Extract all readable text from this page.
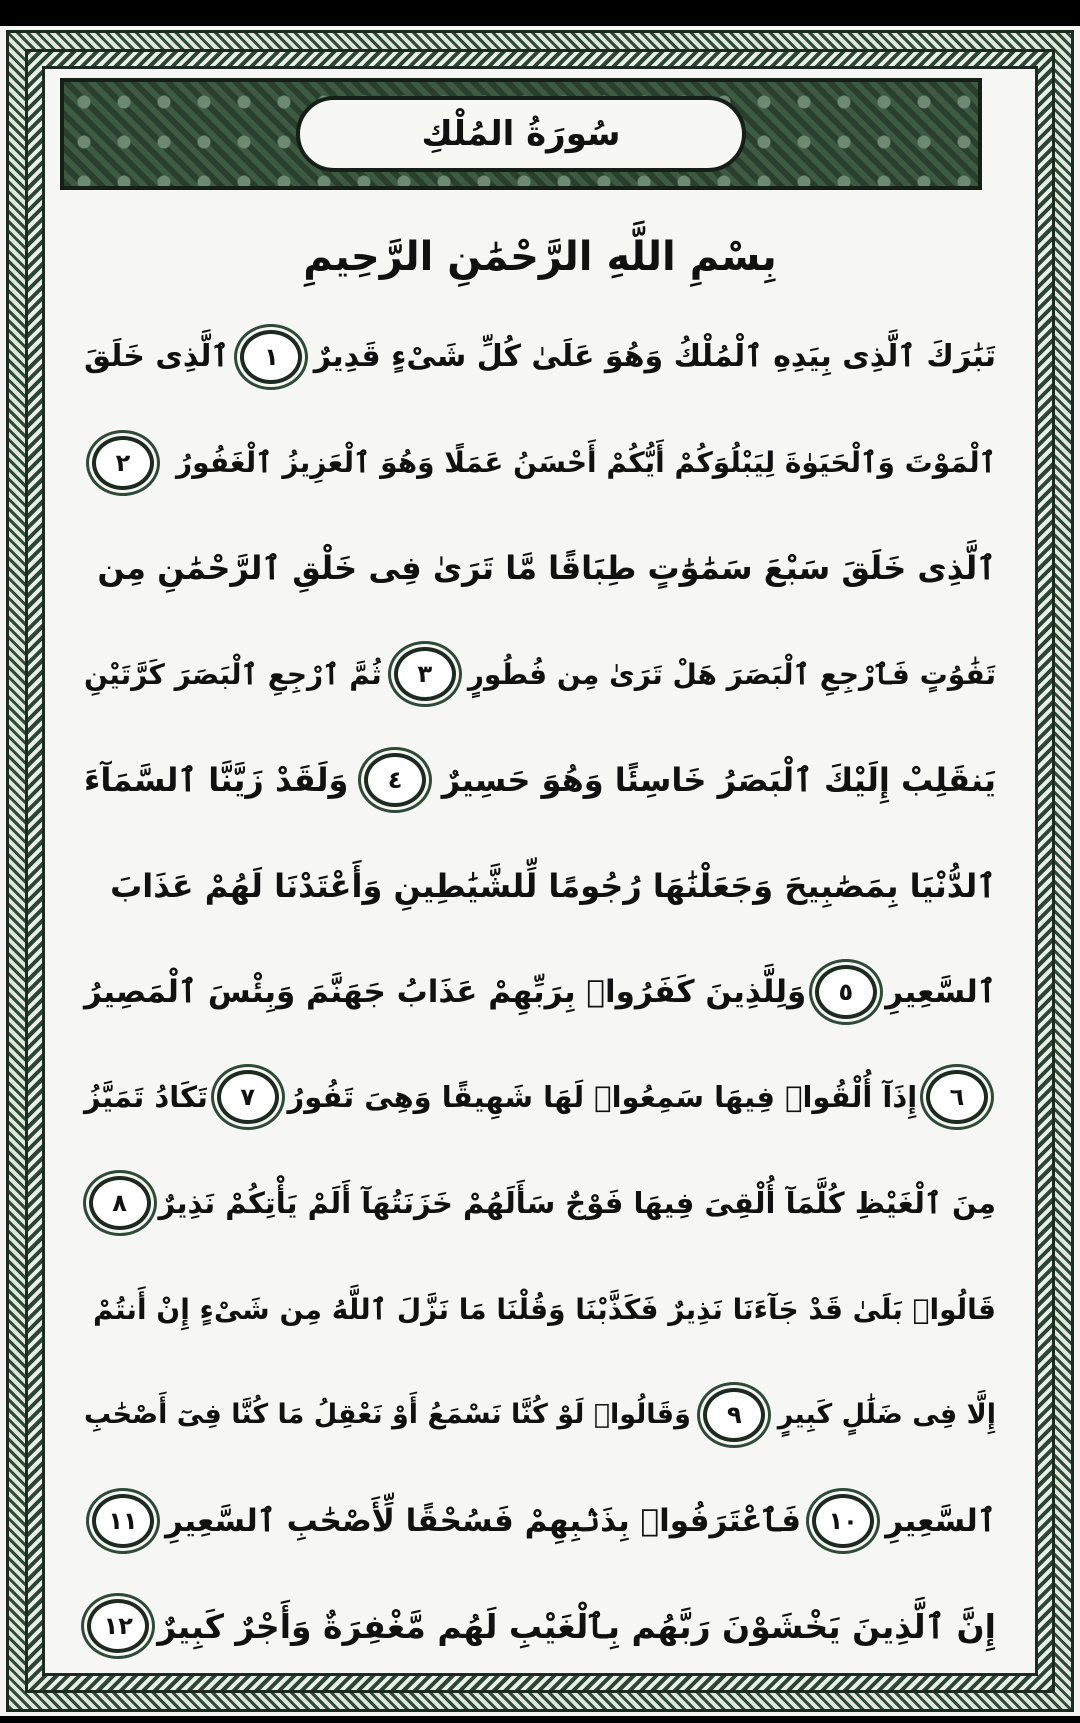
سُورَةُ المُلْكِ
بِسْمِ اللَّهِ الرَّحْمَٰنِ الرَّحِيمِ
تَبَٰرَكَ ٱلَّذِى بِيَدِهِ ٱلْمُلْكُ وَهُوَ عَلَىٰ كُلِّ شَىْءٍ قَدِيرٌ
١
ٱلَّذِى خَلَقَ
ٱلْمَوْتَ وَٱلْحَيَوٰةَ لِيَبْلُوَكُمْ أَيُّكُمْ أَحْسَنُ عَمَلًا وَهُوَ ٱلْعَزِيزُ ٱلْغَفُورُ
٢
ٱلَّذِى خَلَقَ سَبْعَ سَمَٰوَٰتٍ طِبَاقًا مَّا تَرَىٰ فِى خَلْقِ ٱلرَّحْمَٰنِ مِن
تَفَٰوُتٍ فَٱرْجِعِ ٱلْبَصَرَ هَلْ تَرَىٰ مِن فُطُورٍ
٣
ثُمَّ ٱرْجِعِ ٱلْبَصَرَ كَرَّتَيْنِ
يَنقَلِبْ إِلَيْكَ ٱلْبَصَرُ خَاسِئًا وَهُوَ حَسِيرٌ
٤
وَلَقَدْ زَيَّنَّا ٱلسَّمَآءَ
ٱلدُّنْيَا بِمَصَٰبِيحَ وَجَعَلْنَٰهَا رُجُومًا لِّلشَّيَٰطِينِ وَأَعْتَدْنَا لَهُمْ عَذَابَ
ٱلسَّعِيرِ
٥
وَلِلَّذِينَ كَفَرُوا۟ بِرَبِّهِمْ عَذَابُ جَهَنَّمَ وَبِئْسَ ٱلْمَصِيرُ
٦
إِذَآ أُلْقُوا۟ فِيهَا سَمِعُوا۟ لَهَا شَهِيقًا وَهِىَ تَفُورُ
٧
تَكَادُ تَمَيَّزُ
مِنَ ٱلْغَيْظِ كُلَّمَآ أُلْقِىَ فِيهَا فَوْجٌ سَأَلَهُمْ خَزَنَتُهَآ أَلَمْ يَأْتِكُمْ نَذِيرٌ
٨
قَالُوا۟ بَلَىٰ قَدْ جَآءَنَا نَذِيرٌ فَكَذَّبْنَا وَقُلْنَا مَا نَزَّلَ ٱللَّهُ مِن شَىْءٍ إِنْ أَنتُمْ
إِلَّا فِى ضَلَٰلٍ كَبِيرٍ
٩
وَقَالُوا۟ لَوْ كُنَّا نَسْمَعُ أَوْ نَعْقِلُ مَا كُنَّا فِىٓ أَصْحَٰبِ
ٱلسَّعِيرِ
١٠
فَٱعْتَرَفُوا۟ بِذَنۢبِهِمْ فَسُحْقًا لِّأَصْحَٰبِ ٱلسَّعِيرِ
١١
إِنَّ ٱلَّذِينَ يَخْشَوْنَ رَبَّهُم بِٱلْغَيْبِ لَهُم مَّغْفِرَةٌ وَأَجْرٌ كَبِيرٌ
١٢
